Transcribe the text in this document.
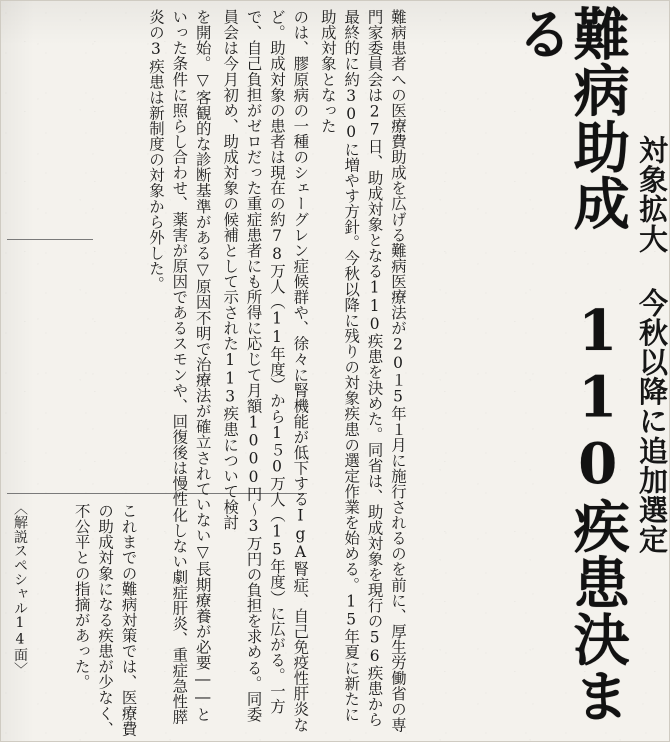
難病助成 110疾患決まる
対象拡大 今秋以降に追加選定
難病患者への医療費助成を広げる難病医療法が20１5年１月に施行されるのを前に、厚生労働省の専門家委員会は27日、助成対象となる110疾患を決めた。同省は、助成対象を現行の56疾患から最終的に約300に増やす方針。今秋以降に残りの対象疾患の選定作業を始める。15年夏に新たに助成対象となった
のは、膠原病の一種のシェーグレン症候群や、徐々に腎機能が低下するIgA腎症、自己免疫性肝炎など。助成対象の患者は現在の約78万人（11年度）から1５0万人（15年度）に広がる。一方で、自己負担がゼロだった重症患者にも所得に応じて月額1000円～3万円の負担を求める。同委員会は今月初め、助成対象の候補として示された113疾患について検討
を開始。▽客観的な診断基準がある▽原因不明で治療法が確立されていない▽長期療養が必要――といった条件に照らし合わせ、薬害が原因であるスモンや、回復後は慢性化しない劇症肝炎、重症急性膵炎の3疾患は新制度の対象から外した。
これまでの難病対策では、医療費の助成対象になる疾患が少なく、不公平との指摘があった。
〈解説スペシャル14面〉
